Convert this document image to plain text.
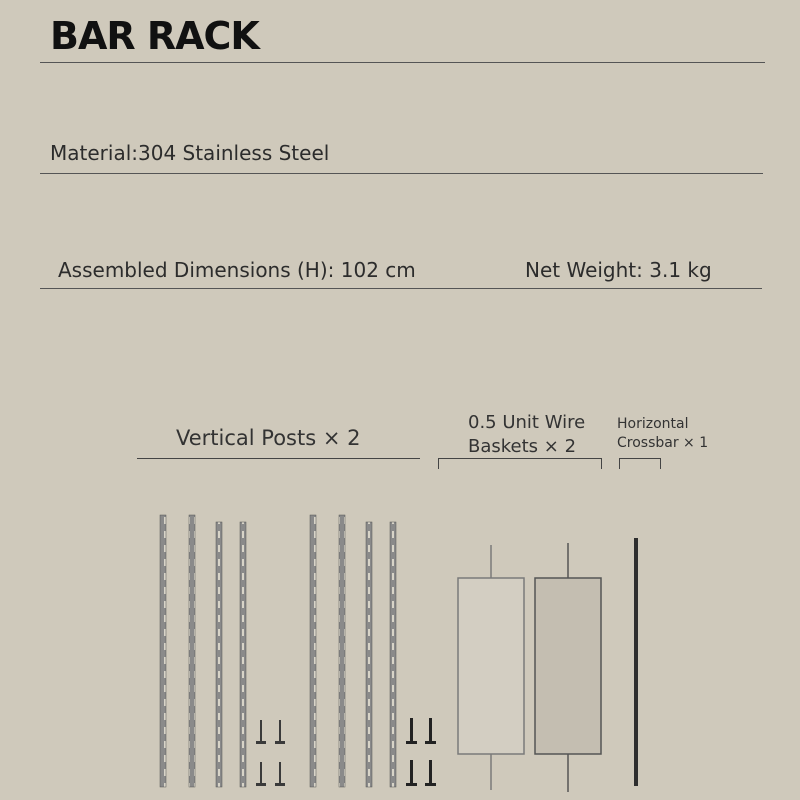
BAR RACK
Material:304 Stainless Steel
Assembled Dimensions (H): 102 cm	Net Weight: 3.1 kg
Vertical Posts × 2
0.5 Unit Wire
Baskets × 2
Horizontal
Crossbar × 1
